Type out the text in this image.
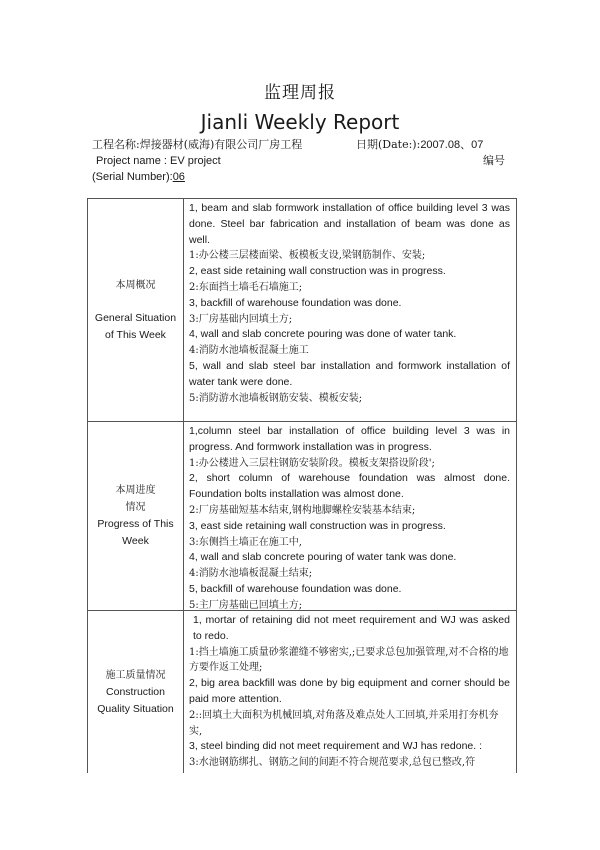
监理周报
Jianli Weekly Report
工程名称:焊接器材(威海)有限公司厂房工程	日期(Date:):2007.08、07
Project name : EV project	编号
(Serial Number):06
本周概况
General Situation of This Week

1, beam and slab formwork installation of office building level 3 was done. Steel bar fabrication and installation of beam was done as well.

1:办公楼三层楼面梁、板模板支设,梁钢筋制作、安装;

2, east side retaining wall construction was in progress.

2:东面挡土墙毛石墙施工;

3, backfill of warehouse foundation was done.

3:厂房基础内回填土方;

4, wall and slab concrete pouring was done of water tank.

4:消防水池墙板混凝土施工

5, wall and slab steel bar installation and formwork installation of water tank were done.

5:消防游水池墙板钢筋安装、模板安装;

本周进度
情况
Progress of This Week

1,column steel bar installation of office building level 3 was in progress. And formwork installation was in progress.

1:办公楼进入三层柱钢筋安装阶段。模板支架搭设阶段';

2, short column of warehouse foundation was almost done. Foundation bolts installation was almost done.

2:厂房基础短基本结束,钢构地脚螺栓安装基本结束;

3, east side retaining wall construction was in progress.

3:东侧挡土墙正在施工中,

4, wall and slab concrete pouring of water tank was done.

4:消防水池墙板混凝土结束;

5, backfill of warehouse foundation was done.

5:主厂房基础已回填土方;

施工质量情况
Construction Quality Situation

1, mortar of retaining did not meet requirement and WJ was asked to redo.

1:挡土墙施工质量砂浆灌缝不够密实,;已要求总包加强管理,对不合格的地方要作返工处理;

2, big area backfill was done by big equipment and corner should be paid more attention.

2::回填土大面积为机械回填,对角落及难点处人工回填,并采用打夯机夯实,

3, steel binding did not meet requirement and WJ has redone. :

3:水池钢筋绑扎、钢筋之间的间距不符合规范要求,总包已整改,符
